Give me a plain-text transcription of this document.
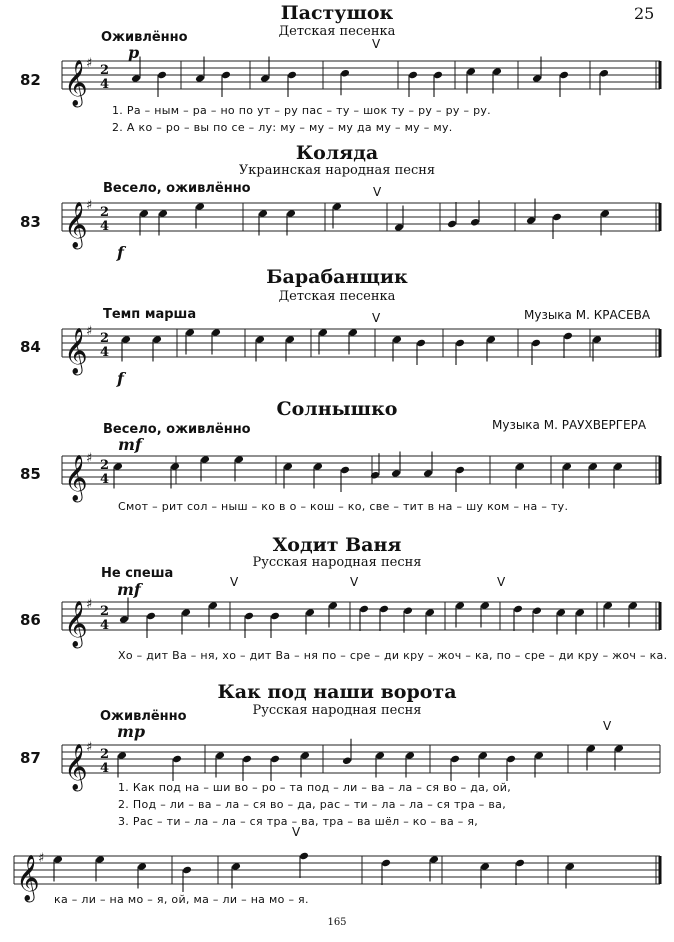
𝄞
♯
𝄞
♯
𝄞
♯
𝄞
♯
𝄞
♯
𝄞
♯
𝄞
♯
2
4
2
4
2
4
2
4
2
4
2
4
V
V
V
V	V	V
V
V
25
Пастушок
Детская песенка
Оживлённо
p
82
1. Ра – ным – ра – но по ут – ру пас – ту – шок ту – ру – ру – ру.
2. А ко – ро – вы по се – лу: му – му – му да му – му – му.
Коляда
Украинская народная песня
Весело, оживлённо
f
83
Барабанщик
Детская песенка
Темп марша	Музыка М. КРАСЕВА
f
84
Солнышко
Весело, оживлённо	Музыка М. РАУХВЕРГЕРА
mf
85
Смот – рит сол – ныш – ко в о – кош – ко, све – тит в на – шу ком – на – ту.
Ходит Ваня
Русская народная песня
Не спеша
mf
86
Хо – дит Ва – ня, хо – дит Ва – ня по – сре – ди кру – жоч – ка, по – сре – ди кру – жоч – ка.
Как под наши ворота
Русская народная песня
Оживлённо
mp
87
1. Как под на – ши во – ро – та под – ли – ва – ла – ся во – да, ой,
2. Под – ли – ва – ла – ся во – да, рас – ти – ла – ла – ся тра – ва,
3. Рас – ти – ла – ла – ся тра – ва, тра – ва шёл – ко – ва – я,
ка – ли – на мо – я, ой, ма – ли – на мо – я.
165
